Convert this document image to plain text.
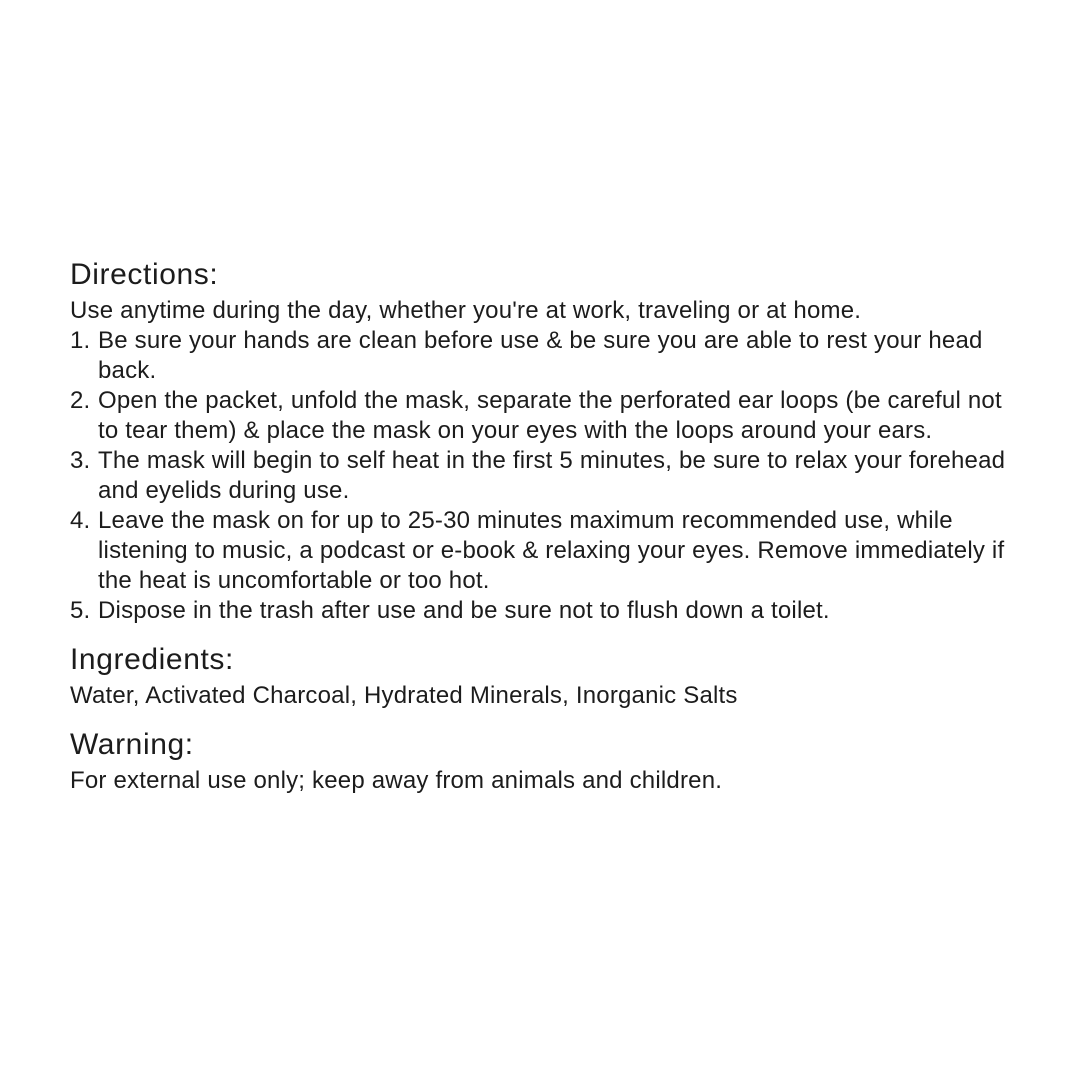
Directions:
Use anytime during the day, whether you're at work, traveling or at home.
1. Be sure your hands are clean before use & be sure you are able to rest your head back.
2. Open the packet, unfold the mask, separate the perforated ear loops (be careful not to tear them) & place the mask on your eyes with the loops around your ears.
3. The mask will begin to self heat in the first 5 minutes, be sure to relax your forehead and eyelids during use.
4. Leave the mask on for up to 25-30 minutes maximum recommended use, while listening to music, a podcast or e-book & relaxing your eyes. Remove immediately if the heat is uncomfortable or too hot.
5. Dispose in the trash after use and be sure not to flush down a toilet.
Ingredients:
Water, Activated Charcoal, Hydrated Minerals, Inorganic Salts
Warning:
For external use only; keep away from animals and children.
